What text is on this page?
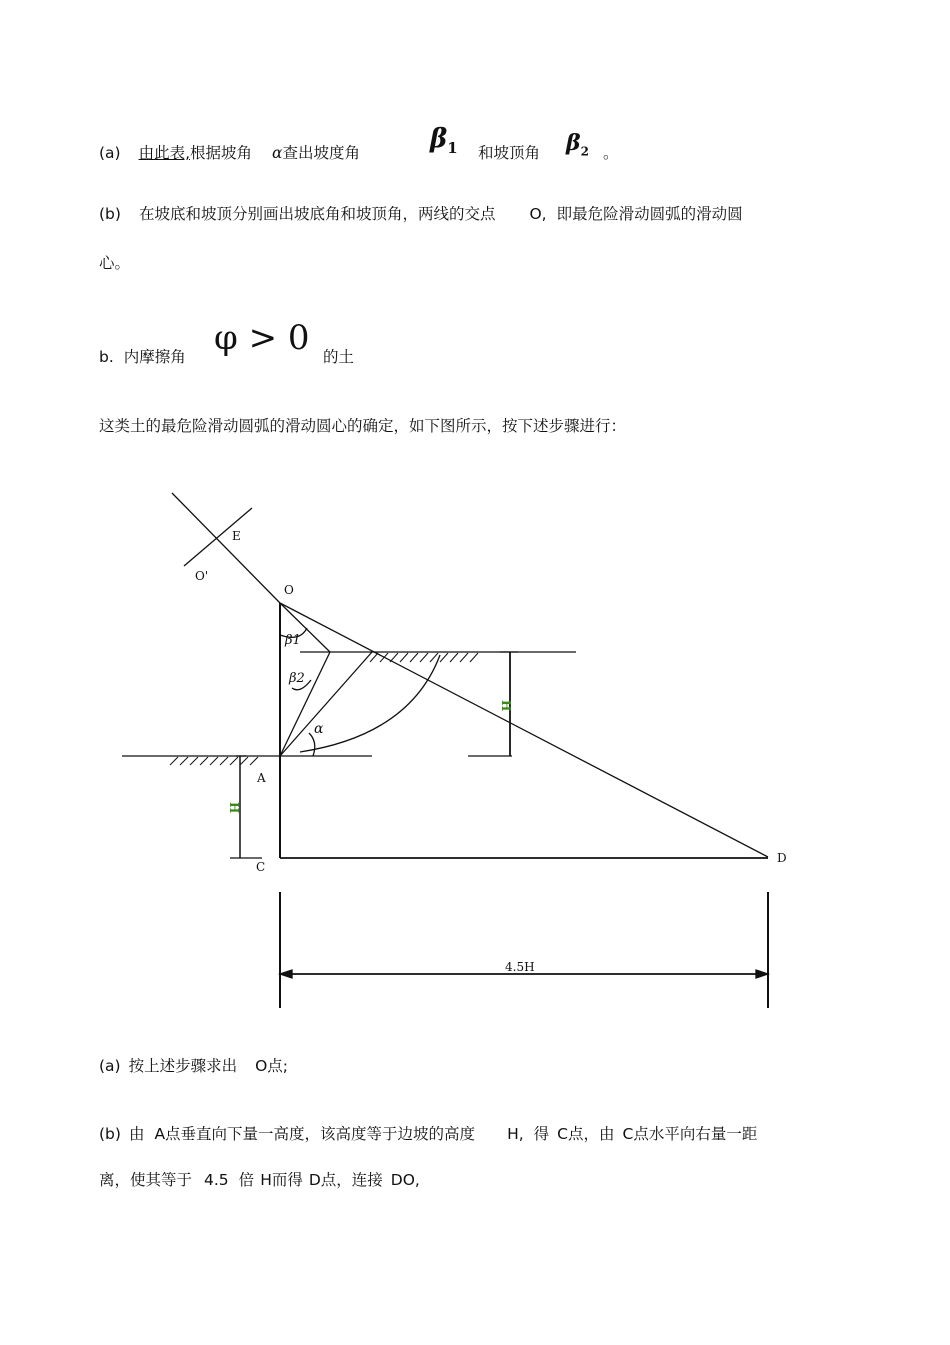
(a) 由此表,根据坡角 α查出坡度角	$\beta_1$ 和坡顶角 $\beta_2$ 。
(b) 在坡底和坡顶分别画出坡底角和坡顶角，两线的交点 O, 即最危险滑动圆弧的滑动圆
心。
b. 内摩擦角 φ > 0 的土
这类土的最危险滑动圆弧的滑动圆心的确定，如下图所示，按下述步骤进行：
E
O'
O
β1
β2
α
H
A
H
C
D
4.5H
(a) 按上述步骤求出 O点;
(b) 由 A点垂直向下量一高度，该高度等于边坡的高度 H, 得 C点，由 C点水平向右量一距
离，使其等于 4.5 倍 H而得 D点，连接 DO,
